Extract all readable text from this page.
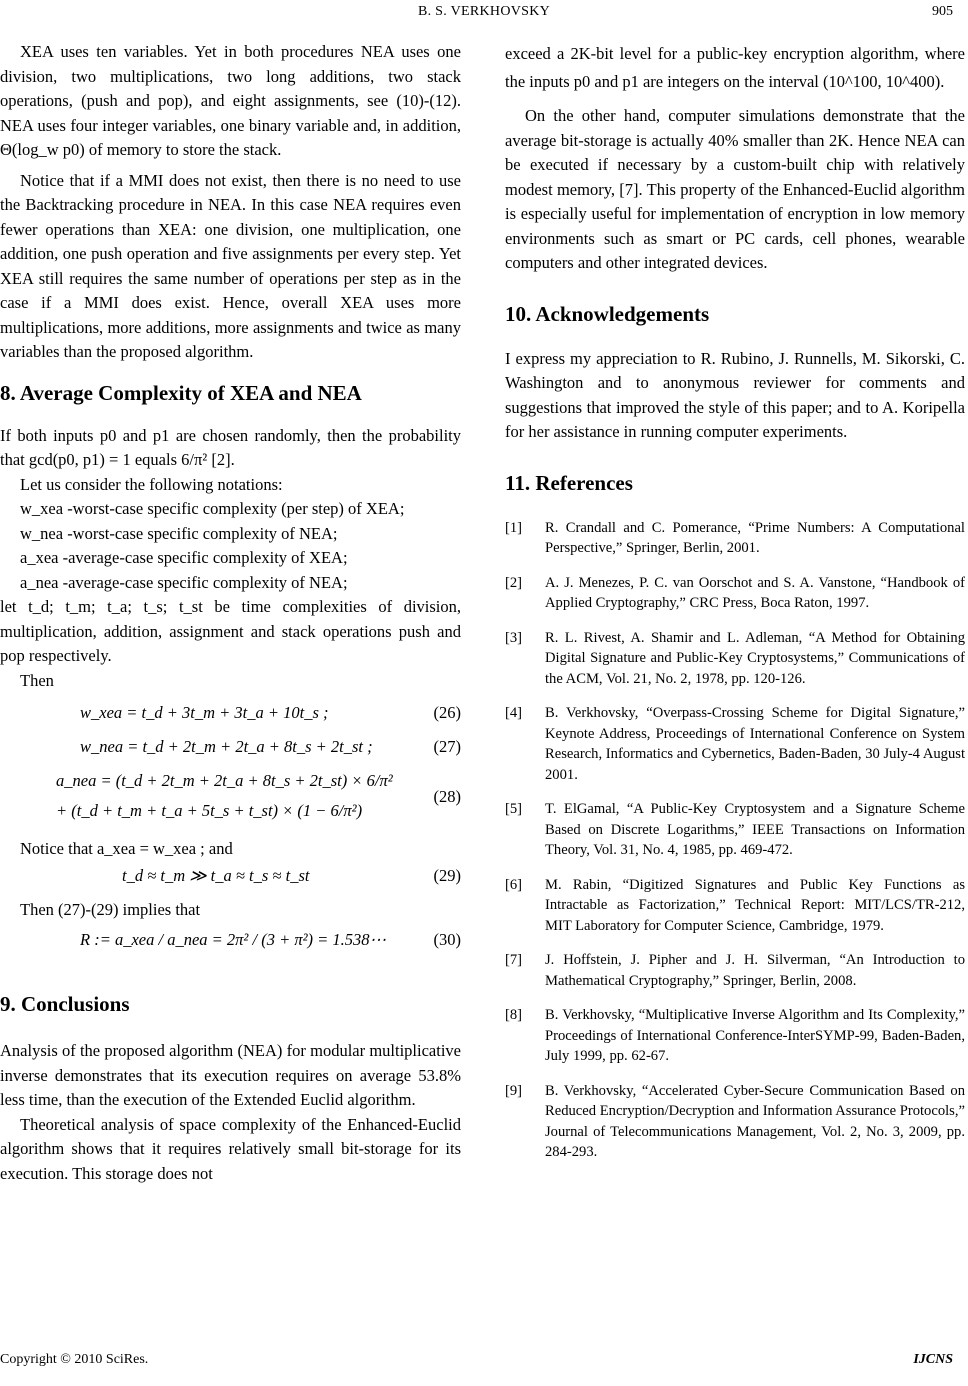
B. S. VERKHOVSKY	905

XEA uses ten variables. Yet in both procedures NEA uses one division, two multiplications, two long additions, two stack operations, (push and pop), and eight assignments, see (10)-(12). NEA uses four integer variables, one binary variable and, in addition, Θ(log_w p0) of memory to store the stack.

Notice that if a MMI does not exist, then there is no need to use the Backtracking procedure in NEA. In this case NEA requires even fewer operations than XEA: one division, one multiplication, one addition, one push operation and five assignments per every step. Yet XEA still requires the same number of operations per step as in the case if a MMI does exist. Hence, overall XEA uses more multiplications, more additions, more assignments and twice as many variables than the proposed algorithm.

8. Average Complexity of XEA and NEA

If both inputs p0 and p1 are chosen randomly, then the probability that gcd(p0, p1) = 1 equals 6/π² [2].

Let us consider the following notations:

w_xea -worst-case specific complexity (per step) of XEA;

w_nea -worst-case specific complexity of NEA;

a_xea -average-case specific complexity of XEA;

a_nea -average-case specific complexity of NEA;

let t_d; t_m; t_a; t_s; t_st be time complexities of division, multiplication, addition, assignment and stack operations push and pop respectively.

Then

w_xea = t_d + 3t_m + 3t_a + 10t_s ;	(26)
w_nea = t_d + 2t_m + 2t_a + 8t_s + 2t_st ;	(27)
a_nea = (t_d + 2t_m + 2t_a + 8t_s + 2t_st) × 6/π²
+ (t_d + t_m + t_a + 5t_s + t_st) × (1 − 6/π²)
(28)

Notice that a_xea = w_xea ; and

t_d ≈ t_m ≫ t_a ≈ t_s ≈ t_st	(29)

Then (27)-(29) implies that

R := a_xea / a_nea = 2π² / (3 + π²) = 1.538⋯	(30)
9. Conclusions

Analysis of the proposed algorithm (NEA) for modular multiplicative inverse demonstrates that its execution requires on average 53.8% less time, than the execution of the Extended Euclid algorithm.

Theoretical analysis of space complexity of the Enhanced-Euclid algorithm shows that it requires relatively small bit-storage for its execution. This storage does not

exceed a 2K-bit level for a public-key encryption algorithm, where the inputs p0 and p1 are integers on the interval (10^100, 10^400).

On the other hand, computer simulations demonstrate that the average bit-storage is actually 40% smaller than 2K. Hence NEA can be executed if necessary by a custom-built chip with relatively modest memory, [7]. This property of the Enhanced-Euclid algorithm is especially useful for implementation of encryption in low memory environments such as smart or PC cards, cell phones, wearable computers and other integrated devices.

10. Acknowledgements

I express my appreciation to R. Rubino, J. Runnells, M. Sikorski, C. Washington and to anonymous reviewer for comments and suggestions that improved the style of this paper; and to A. Koripella for her assistance in running computer experiments.

11. References
[1] R. Crandall and C. Pomerance, “Prime Numbers: A Computational Perspective,” Springer, Berlin, 2001.
[2] A. J. Menezes, P. C. van Oorschot and S. A. Vanstone, “Handbook of Applied Cryptography,” CRC Press, Boca Raton, 1997.
[3] R. L. Rivest, A. Shamir and L. Adleman, “A Method for Obtaining Digital Signature and Public-Key Cryptosystems,” Communications of the ACM, Vol. 21, No. 2, 1978, pp. 120-126.
[4] B. Verkhovsky, “Overpass-Crossing Scheme for Digital Signature,” Keynote Address, Proceedings of International Conference on System Research, Informatics and Cybernetics, Baden-Baden, 30 July-4 August 2001.
[5] T. ElGamal, “A Public-Key Cryptosystem and a Signature Scheme Based on Discrete Logarithms,” IEEE Transactions on Information Theory, Vol. 31, No. 4, 1985, pp. 469-472.
[6] M. Rabin, “Digitized Signatures and Public Key Functions as Intractable as Factorization,” Technical Report: MIT/LCS/TR-212, MIT Laboratory for Computer Science, Cambridge, 1979.
[7] J. Hoffstein, J. Pipher and J. H. Silverman, “An Introduction to Mathematical Cryptography,” Springer, Berlin, 2008.
[8] B. Verkhovsky, “Multiplicative Inverse Algorithm and Its Complexity,” Proceedings of International Conference-InterSYMP-99, Baden-Baden, July 1999, pp. 62-67.
[9] B. Verkhovsky, “Accelerated Cyber-Secure Communication Based on Reduced Encryption/Decryption and Information Assurance Protocols,” Journal of Telecommunications Management, Vol. 2, No. 3, 2009, pp. 284-293.
Copyright © 2010 SciRes.	IJCNS
